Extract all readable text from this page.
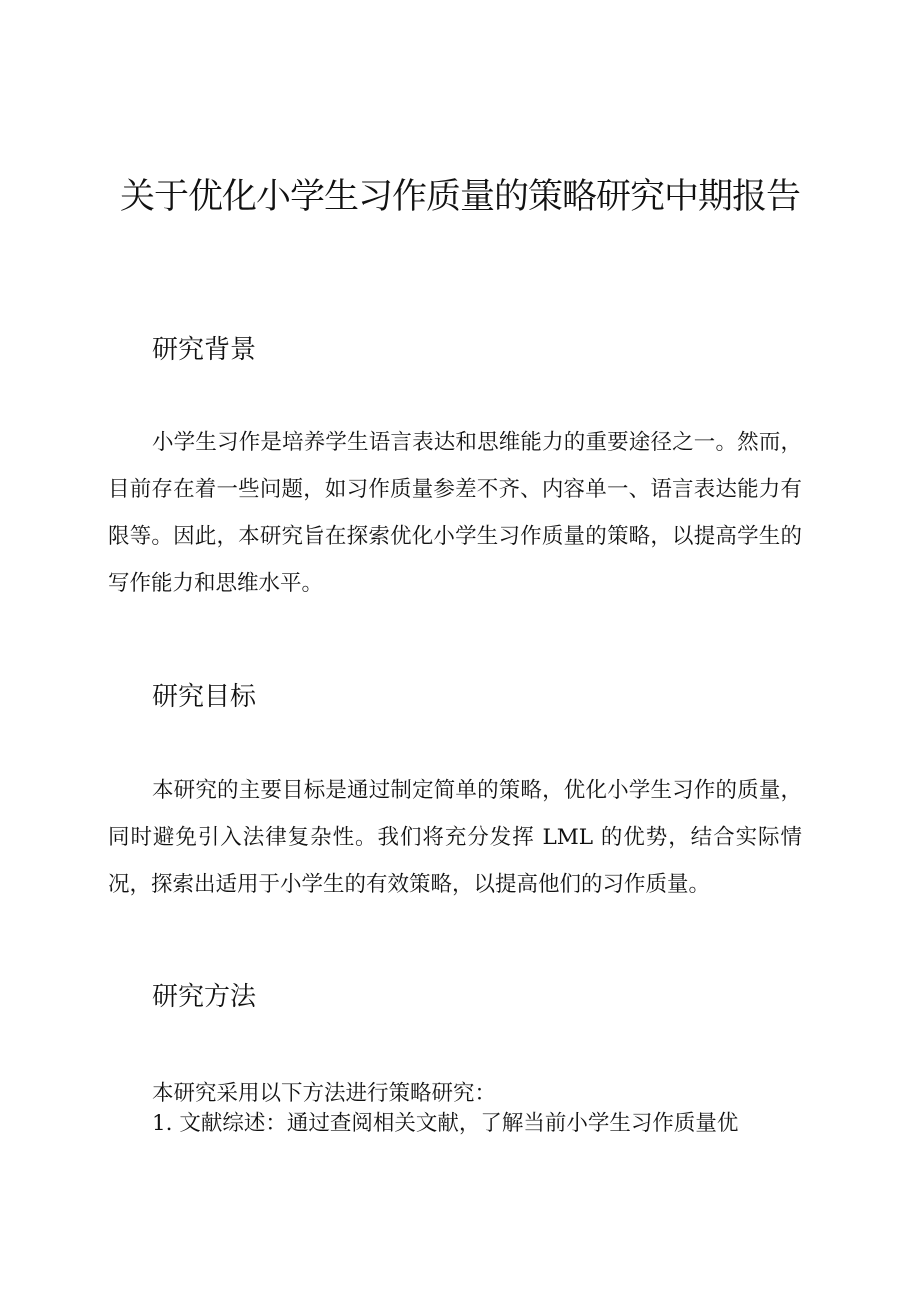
关于优化小学生习作质量的策略研究中期报告
研究背景

小学生习作是培养学生语言表达和思维能力的重要途径之一。然而，目前存在着一些问题，如习作质量参差不齐、内容单一、语言表达能力有限等。因此，本研究旨在探索优化小学生习作质量的策略，以提高学生的写作能力和思维水平。

研究目标

本研究的主要目标是通过制定简单的策略，优化小学生习作的质量，同时避免引入法律复杂性。我们将充分发挥 LML 的优势，结合实际情况，探索出适用于小学生的有效策略，以提高他们的习作质量。

研究方法

本研究采用以下方法进行策略研究：

1. 文献综述：通过查阅相关文献，了解当前小学生习作质量优
